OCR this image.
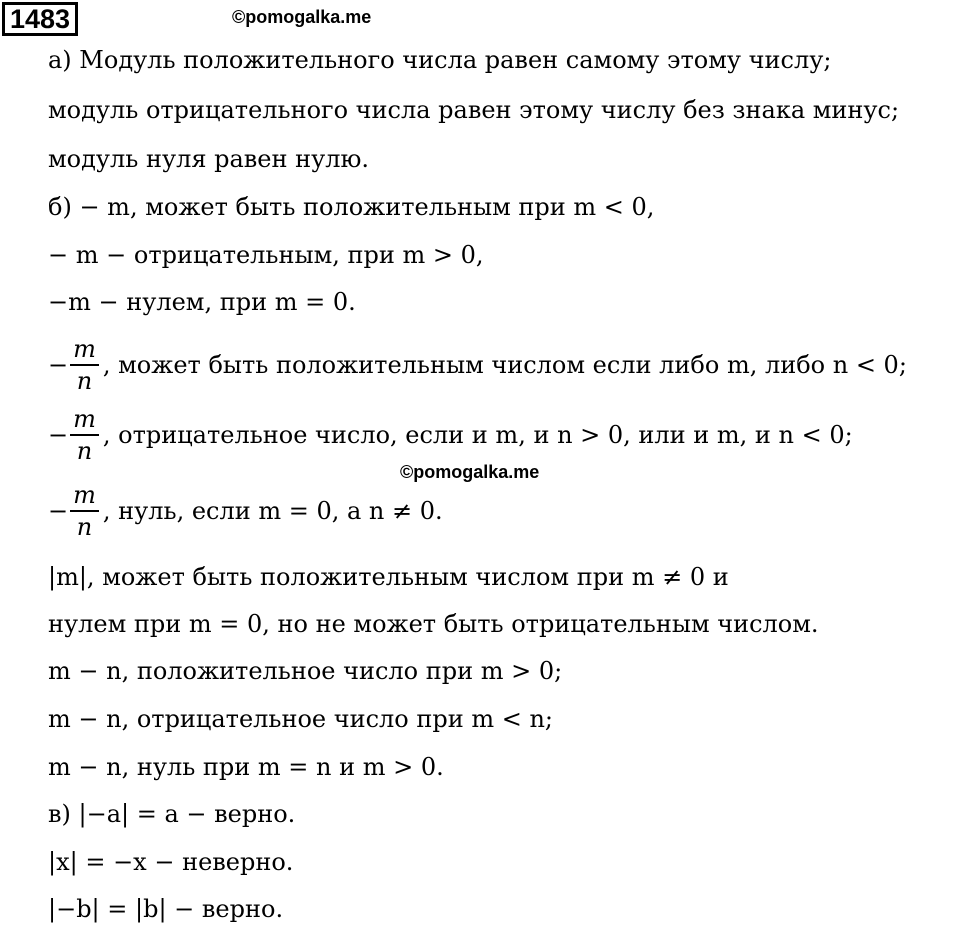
1483	©pomogalka.me
©pomogalka.me
а) Модуль положительного числа равен самому этому числу;
модуль отрицательного числа равен этому числу без знака минус;
модуль нуля равен нулю.
б) − m, может быть положительным при m < 0,
− m − отрицательным, при m > 0,
−m − нулем, при m = 0.
− $\frac{m}{n}$ , может быть положительным числом если либо m, либо n < 0;
− $\frac{m}{n}$ , отрицательное число, если и m, и n > 0, или и m, и n < 0;
− $\frac{m}{n}$ , нуль, если m = 0, а n ≠ 0.
|m|, может быть положительным числом при m ≠ 0 и
нулем при m = 0, но не может быть отрицательным числом.
m − n, положительное число при m > 0;
m − n, отрицательное число при m < n;
m − n, нуль при m = n и m > 0.
в) |−a| = a − верно.
|x| = −x − неверно.
|−b| = |b| − верно.
